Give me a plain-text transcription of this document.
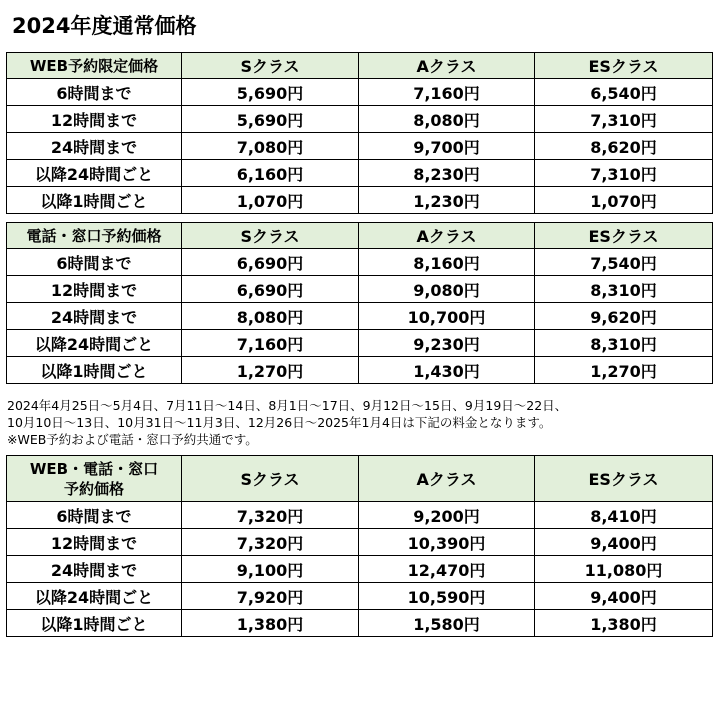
2024年度通常価格
WEB予約限定価格	Sクラス	Aクラス	ESクラス
6時間まで	5,690円	7,160円	6,540円
12時間まで	5,690円	8,080円	7,310円
24時間まで	7,080円	9,700円	8,620円
以降24時間ごと	6,160円	8,230円	7,310円
以降1時間ごと	1,070円	1,230円	1,070円
電話・窓口予約価格	Sクラス	Aクラス	ESクラス
6時間まで	6,690円	8,160円	7,540円
12時間まで	6,690円	9,080円	8,310円
24時間まで	8,080円	10,700円	9,620円
以降24時間ごと	7,160円	9,230円	8,310円
以降1時間ごと	1,270円	1,430円	1,270円
2024年4月25日～5月4日、7月11日～14日、8月1日～17日、9月12日～15日、9月19日～22日、
10月10日～13日、10月31日～11月3日、12月26日～2025年1月4日は下記の料金となります。
※WEB予約および電話・窓口予約共通です。
WEB・電話・窓口
予約価格	Sクラス	Aクラス	ESクラス
6時間まで	7,320円	9,200円	8,410円
12時間まで	7,320円	10,390円	9,400円
24時間まで	9,100円	12,470円	11,080円
以降24時間ごと	7,920円	10,590円	9,400円
以降1時間ごと	1,380円	1,580円	1,380円
